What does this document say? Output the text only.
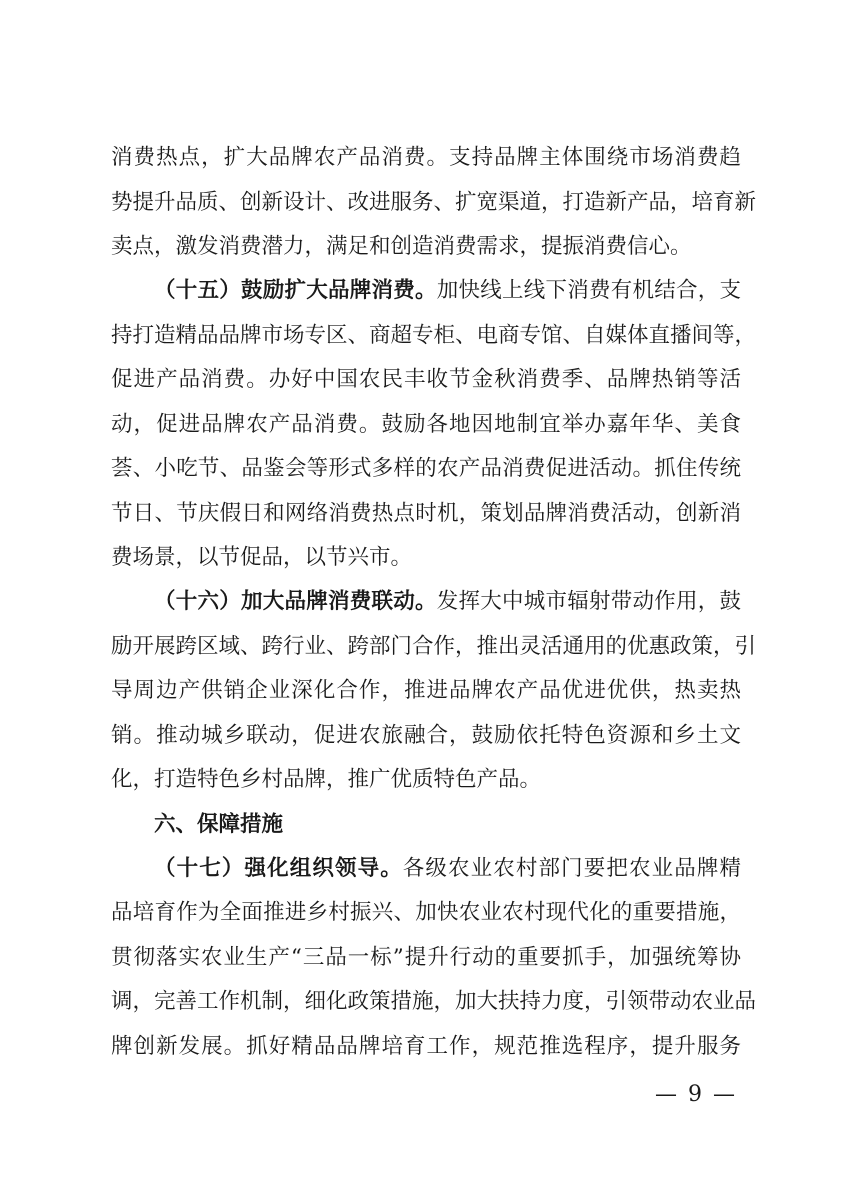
消费热点，扩大品牌农产品消费。支持品牌主体围绕市场消费趋
势提升品质、创新设计、改进服务、扩宽渠道，打造新产品，培育新
卖点，激发消费潜力，满足和创造消费需求，提振消费信心。
（十五）鼓励扩大品牌消费。加快线上线下消费有机结合，支
持打造精品品牌市场专区、商超专柜、电商专馆、自媒体直播间等，
促进产品消费。办好中国农民丰收节金秋消费季、品牌热销等活
动，促进品牌农产品消费。鼓励各地因地制宜举办嘉年华、美食
荟、小吃节、品鉴会等形式多样的农产品消费促进活动。抓住传统
节日、节庆假日和网络消费热点时机，策划品牌消费活动，创新消
费场景，以节促品，以节兴市。
（十六）加大品牌消费联动。发挥大中城市辐射带动作用，鼓
励开展跨区域、跨行业、跨部门合作，推出灵活通用的优惠政策，引
导周边产供销企业深化合作，推进品牌农产品优进优供，热卖热
销。推动城乡联动，促进农旅融合，鼓励依托特色资源和乡土文
化，打造特色乡村品牌，推广优质特色产品。
六、保障措施
（十七）强化组织领导。各级农业农村部门要把农业品牌精
品培育作为全面推进乡村振兴、加快农业农村现代化的重要措施，
贯彻落实农业生产“三品一标”提升行动的重要抓手，加强统筹协
调，完善工作机制，细化政策措施，加大扶持力度，引领带动农业品
牌创新发展。抓好精品品牌培育工作，规范推选程序，提升服务
— 9 —
